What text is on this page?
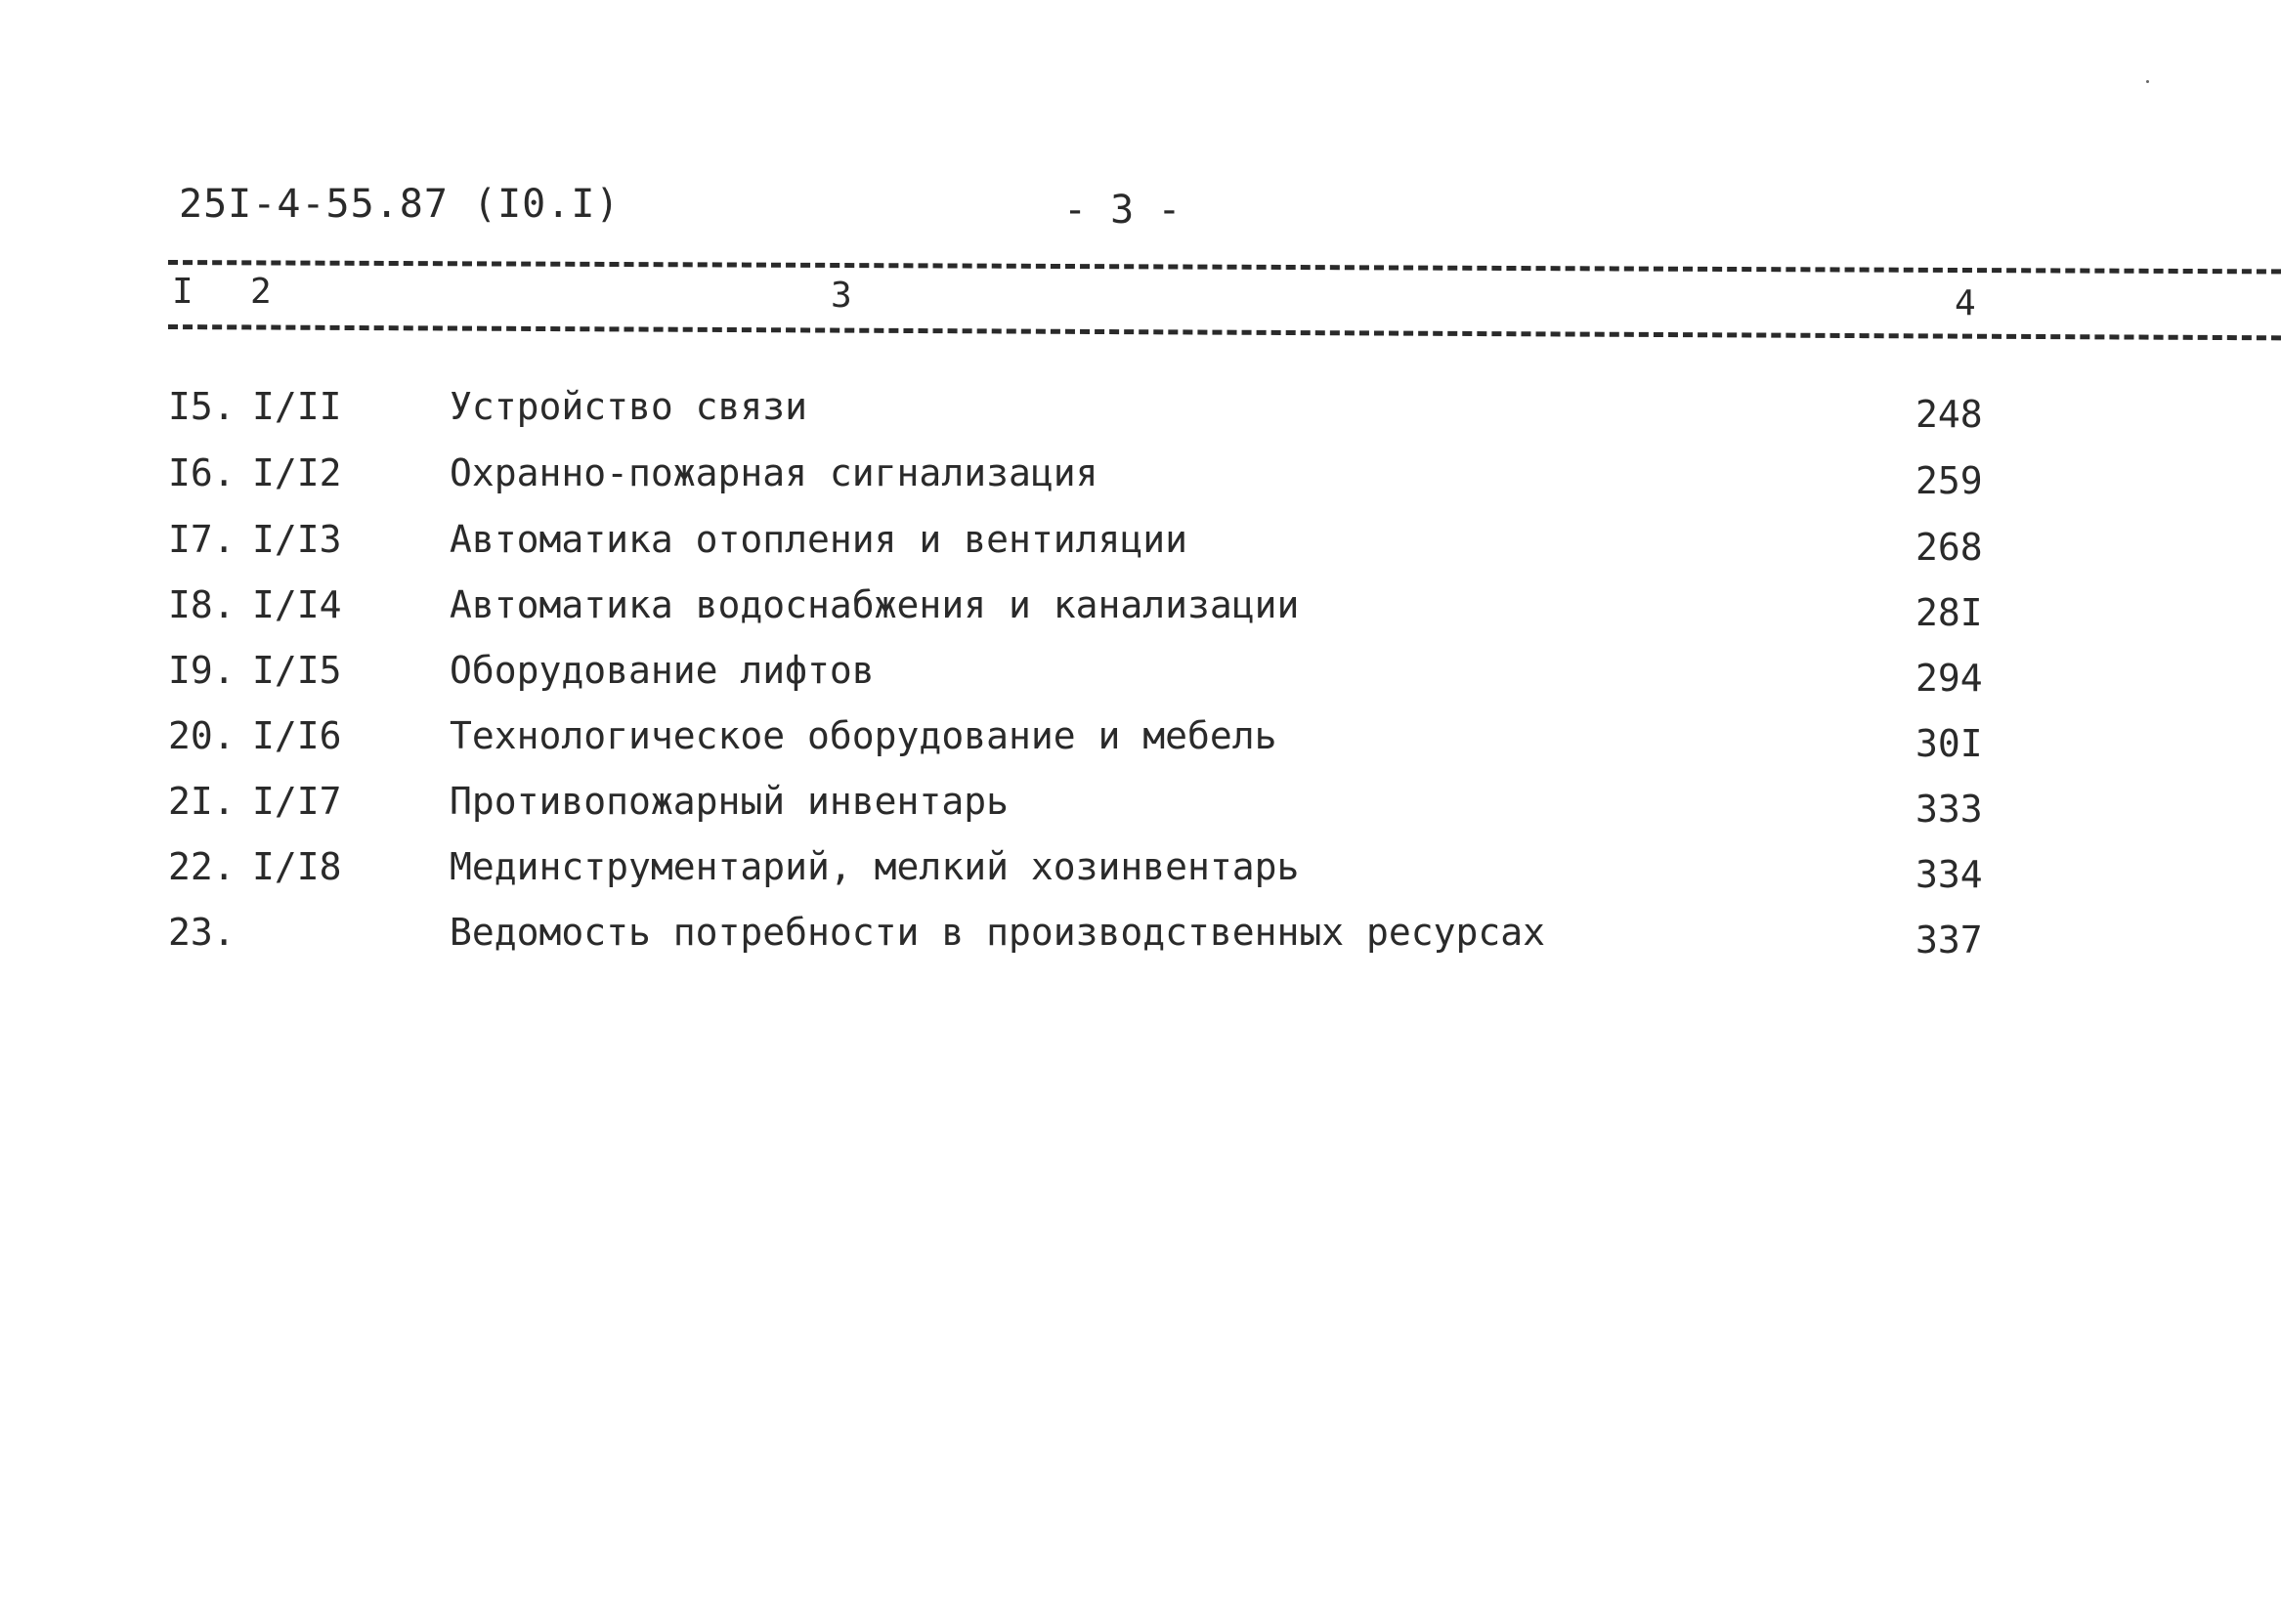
25I-4-55.87 (I0.I)	- 3 -
I 2	3	4
I5. I/II	Устройство связи	248
I6. I/I2	Охранно-пожарная сигнализация	259
I7. I/I3	Автоматика отопления и вентиляции	268
I8. I/I4	Автоматика водоснабжения и канализации	28I
I9. I/I5	Оборудование лифтов	294
20. I/I6	Технологическое оборудование и мебель	30I
2I. I/I7	Противопожарный инвентарь	333
22. I/I8	Мединструментарий, мелкий хозинвентарь	334
23.	Ведомость потребности в производственных ресурсах	337
